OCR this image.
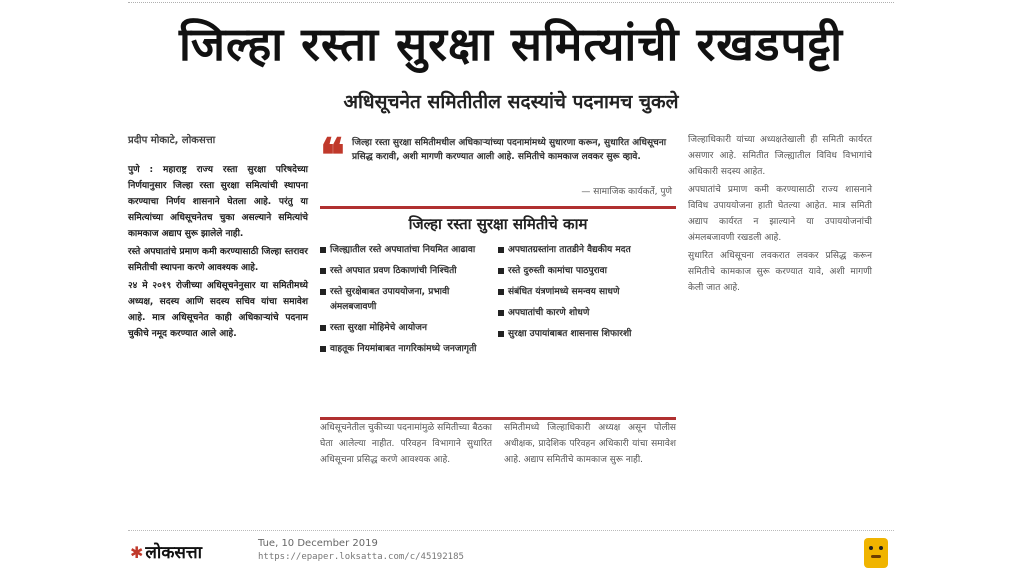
जिल्हा रस्ता सुरक्षा समित्यांची रखडपट्टी
अधिसूचनेत समितीतील सदस्यांचे पदनामच चुकले
प्रदीप मोकाटे, लोकसत्ता

पुणे : महाराष्ट्र राज्य रस्ता सुरक्षा परिषदेच्या निर्णयानुसार जिल्हा रस्ता सुरक्षा समित्यांची स्थापना करण्याचा निर्णय शासनाने घेतला आहे. परंतु या समित्यांच्या अधिसूचनेतच चुका असल्याने समित्यांचे कामकाज अद्याप सुरू झालेले नाही.

रस्ते अपघातांचे प्रमाण कमी करण्यासाठी जिल्हा स्तरावर समितीची स्थापना करणे आवश्यक आहे.

२४ मे २०१९ रोजीच्या अधिसूचनेनुसार या समितीमध्ये अध्यक्ष, सदस्य आणि सदस्य सचिव यांचा समावेश आहे. मात्र अधिसूचनेत काही अधिकाऱ्यांचे पदनाम चुकीचे नमूद करण्यात आले आहे.

❝ जिल्हा रस्ता सुरक्षा समितीमधील अधिकाऱ्यांच्या पदनामांमध्ये सुधारणा करून, सुधारित अधिसूचना प्रसिद्ध करावी, अशी मागणी करण्यात आली आहे. समितीचे कामकाज लवकर सुरू व्हावे.
— सामाजिक कार्यकर्ते, पुणे
जिल्हा रस्ता सुरक्षा समितीचे काम
जिल्ह्यातील रस्ते अपघातांचा नियमित आढावा
रस्ते अपघात प्रवण ठिकाणांची निश्चिती
रस्ते सुरक्षेबाबत उपाययोजना, प्रभावी अंमलबजावणी
रस्ता सुरक्षा मोहिमेचे आयोजन
वाहतूक नियमांबाबत नागरिकांमध्ये जनजागृती
अपघातग्रस्तांना तातडीने वैद्यकीय मदत
रस्ते दुरुस्ती कामांचा पाठपुरावा
संबंधित यंत्रणांमध्ये समन्वय साधणे
अपघातांची कारणे शोधणे
सुरक्षा उपायांबाबत शासनास शिफारशी

अधिसूचनेतील चुकीच्या पदनामांमुळे समितीच्या बैठका घेता आलेल्या नाहीत. परिवहन विभागाने सुधारित अधिसूचना प्रसिद्ध करणे आवश्यक आहे.

समितीमध्ये जिल्हाधिकारी अध्यक्ष असून पोलीस अधीक्षक, प्रादेशिक परिवहन अधिकारी यांचा समावेश आहे. अद्याप समितीचे कामकाज सुरू नाही.

जिल्हाधिकारी यांच्या अध्यक्षतेखाली ही समिती कार्यरत असणार आहे. समितीत जिल्ह्यातील विविध विभागांचे अधिकारी सदस्य आहेत.

अपघातांचे प्रमाण कमी करण्यासाठी राज्य शासनाने विविध उपाययोजना हाती घेतल्या आहेत. मात्र समिती अद्याप कार्यरत न झाल्याने या उपाययोजनांची अंमलबजावणी रखडली आहे.

सुधारित अधिसूचना लवकरात लवकर प्रसिद्ध करून समितीचे कामकाज सुरू करण्यात यावे, अशी मागणी केली जात आहे.

✱ लोकसत्ता	Tue, 10 December 2019
https://epaper.loksatta.com/c/45192185
